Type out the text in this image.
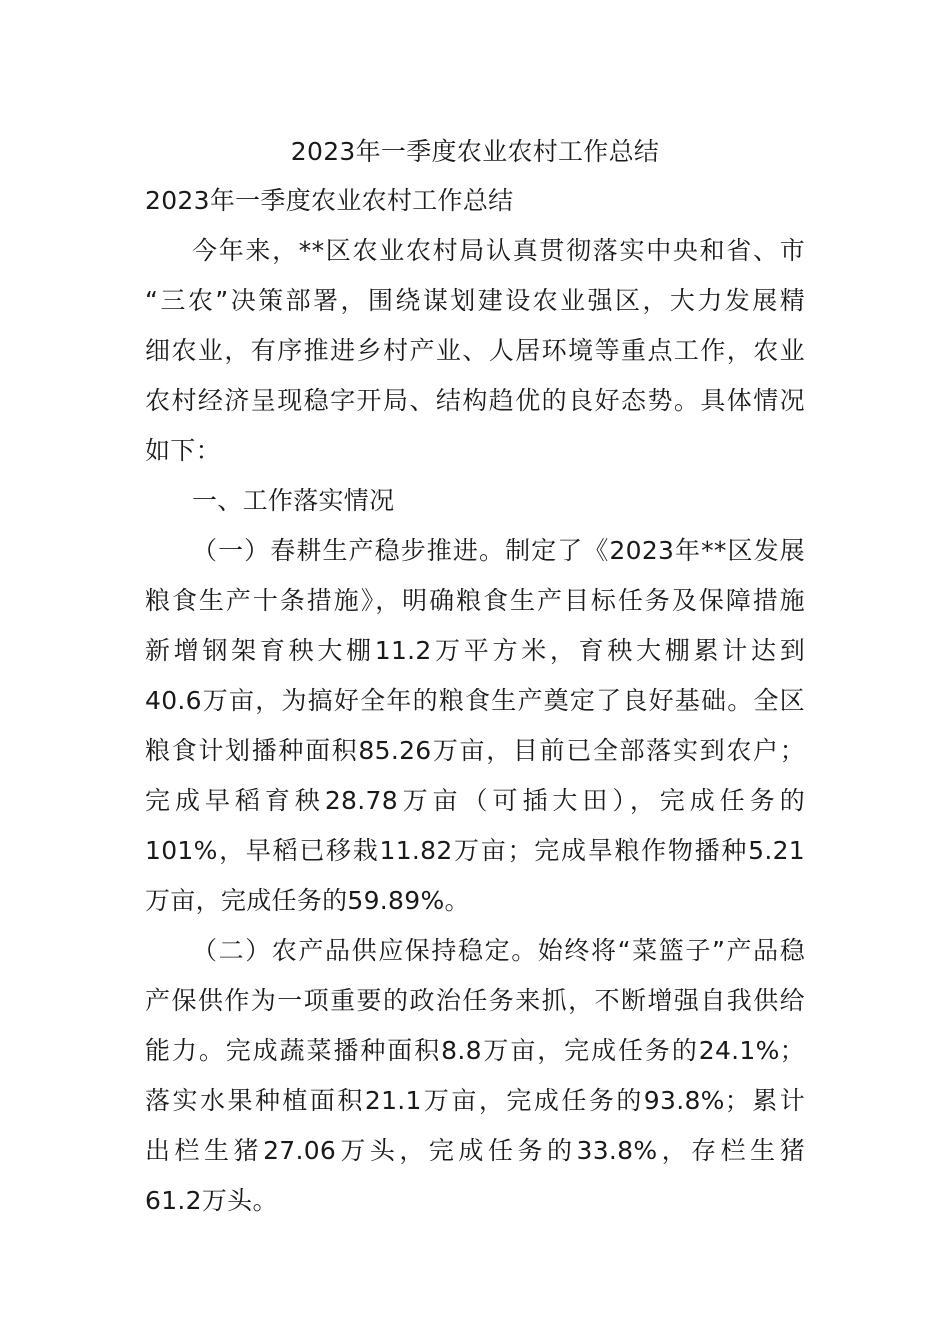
2023年一季度农业农村工作总结
2023年一季度农业农村工作总结
今年来，**区农业农村局认真贯彻落实中央和省、市
“三农”决策部署，围绕谋划建设农业强区，大力发展精
细农业，有序推进乡村产业、人居环境等重点工作，农业
农村经济呈现稳字开局、结构趋优的良好态势。具体情况
如下：
一、工作落实情况
（一）春耕生产稳步推进。制定了《2023年**区发展
粮食生产十条措施》，明确粮食生产目标任务及保障措施
新增钢架育秧大棚11.2万平方米，育秧大棚累计达到
40.6万亩，为搞好全年的粮食生产奠定了良好基础。全区
粮食计划播种面积85.26万亩，目前已全部落实到农户；
完成早稻育秧28.78万亩（可插大田），完成任务的
101%，早稻已移栽11.82万亩；完成旱粮作物播种5.21
万亩，完成任务的59.89%。
（二）农产品供应保持稳定。始终将“菜篮子”产品稳
产保供作为一项重要的政治任务来抓，不断增强自我供给
能力。完成蔬菜播种面积8.8万亩，完成任务的24.1%；
落实水果种植面积21.1万亩，完成任务的93.8%；累计
出栏生猪27.06万头，完成任务的33.8%，存栏生猪
61.2万头。
